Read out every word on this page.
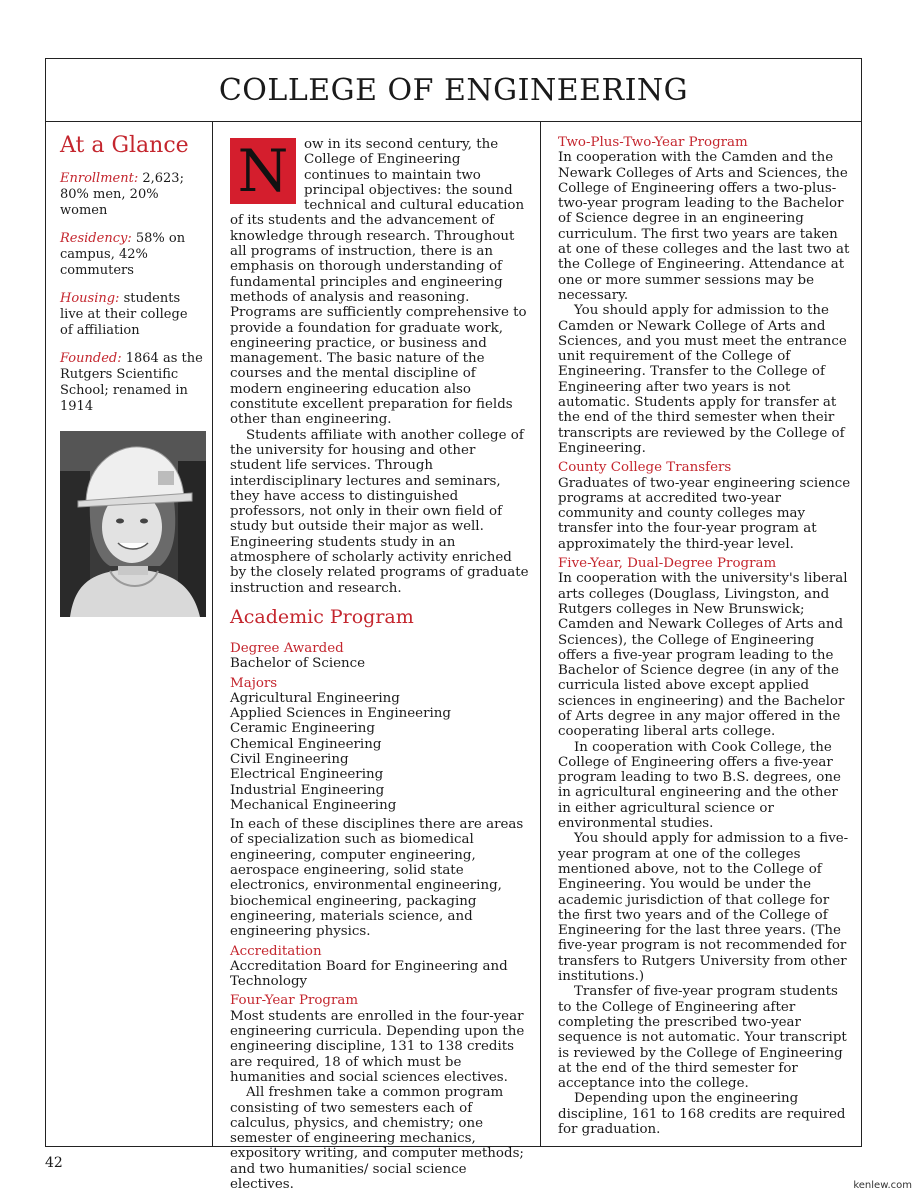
COLLEGE OF ENGINEERING
At a Glance

Enrollment: 2,623; 80% men, 20% women

Residency: 58% on campus, 42% commuters

Housing: students live at their college of affiliation

Founded: 1864 as the Rutgers Scientific School; renamed in 1914

N	ow in its second century, the College of Engineering continues to maintain two principal objectives: the sound technical and cultural education of its students and the advancement of knowledge through research. Throughout all programs of instruction, there is an emphasis on thorough understanding of fundamental principles and engineering methods of analysis and reasoning. Programs are sufficiently comprehensive to provide a foundation for graduate work, engineering practice, or business and management. The basic nature of the courses and the mental discipline of modern engineering education also constitute excellent preparation for fields other than engineering.

Students affiliate with another college of the university for housing and other student life services. Through interdisciplinary lectures and seminars, they have access to distinguished professors, not only in their own field of study but outside their major as well. Engineering students study in an atmosphere of scholarly activity enriched by the closely related programs of graduate instruction and research.

Academic Program
Degree Awarded

Bachelor of Science

Majors
Agricultural Engineering
Applied Sciences in Engineering
Ceramic Engineering
Chemical Engineering
Civil Engineering
Electrical Engineering
Industrial Engineering
Mechanical Engineering

In each of these disciplines there are areas of specialization such as biomedical engineering, computer engineering, aerospace engineering, solid state electronics, environmental engineering, biochemical engineering, packaging engineering, materials science, and engineering physics.

Accreditation

Accreditation Board for Engineering and Technology

Four-Year Program

Most students are enrolled in the four-year engineering curricula. Depending upon the engineering discipline, 131 to 138 credits are required, 18 of which must be humanities and social sciences electives.

All freshmen take a common program consisting of two semesters each of calculus, physics, and chemistry; one semester of engineering mechanics, expository writing, and computer methods; and two humanities/ social science electives.

Two-Plus-Two-Year Program

In cooperation with the Camden and the Newark Colleges of Arts and Sciences, the College of Engineering offers a two-plus-two-year program leading to the Bachelor of Science degree in an engineering curriculum. The first two years are taken at one of these colleges and the last two at the College of Engineering. Attendance at one or more summer sessions may be necessary.

You should apply for admission to the Camden or Newark College of Arts and Sciences, and you must meet the entrance unit requirement of the College of Engineering. Transfer to the College of Engineering after two years is not automatic. Students apply for transfer at the end of the third semester when their transcripts are reviewed by the College of Engineering.

County College Transfers

Graduates of two-year engineering science programs at accredited two-year community and county colleges may transfer into the four-year program at approximately the third-year level.

Five-Year, Dual-Degree Program

In cooperation with the university's liberal arts colleges (Douglass, Livingston, and Rutgers colleges in New Brunswick; Camden and Newark Colleges of Arts and Sciences), the College of Engineering offers a five-year program leading to the Bachelor of Science degree (in any of the curricula listed above except applied sciences in engineering) and the Bachelor of Arts degree in any major offered in the cooperating liberal arts college.

In cooperation with Cook College, the College of Engineering offers a five-year program leading to two B.S. degrees, one in agricultural engineering and the other in either agricultural science or environmental studies.

You should apply for admission to a five-year program at one of the colleges mentioned above, not to the College of Engineering. You would be under the academic jurisdiction of that college for the first two years and of the College of Engineering for the last three years. (The five-year program is not recommended for transfers to Rutgers University from other institutions.)

Transfer of five-year program students to the College of Engineering after completing the prescribed two-year sequence is not automatic. Your transcript is reviewed by the College of Engineering at the end of the third semester for acceptance into the college.

Depending upon the engineering discipline, 161 to 168 credits are required for graduation.

42
kenlew.com
